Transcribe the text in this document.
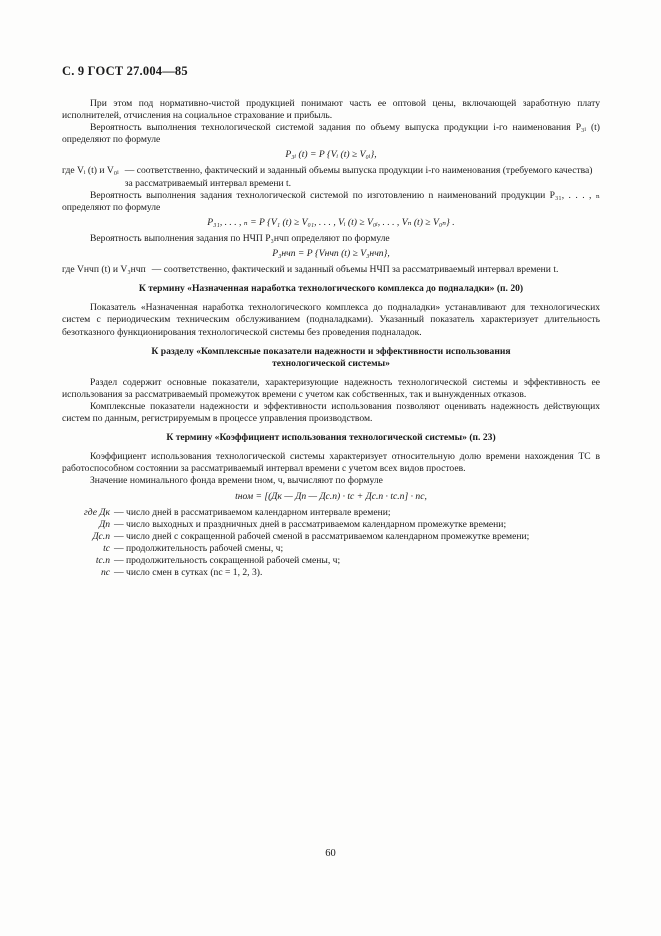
С. 9 ГОСТ 27.004—85

При этом под нормативно-чистой продукцией понимают часть ее оптовой цены, включающей заработную плату исполнителей, отчисления на социальное страхование и прибыль.

Вероятность выполнения технологической системой задания по объему выпуска продукции i-го наименования P₃ᵢ (t) определяют по формуле

P₃ᵢ (t) = P {Vᵢ (t) ≥ V₀ᵢ},
где Vᵢ (t) и V₀ᵢ — соответственно, фактический и заданный объемы выпуска продукции i-го наименования (требуемого качества) за рассматриваемый интервал времени t.

Вероятность выполнения задания технологической системой по изготовлению n наименований продукции P₃₁, . . . , ₙ определяют по формуле

P₃₁, . . . , ₙ = P {V₁ (t) ≥ V₀₁, . . . , Vᵢ (t) ≥ V₀ᵢ, . . . , Vₙ (t) ≥ V₀ₙ} .

Вероятность выполнения задания по НЧП P₃нчп определяют по формуле

P₃нчп = P {Vнчп (t) ≥ V₃нчп},
где Vнчп (t) и V₃нчп — соответственно, фактический и заданный объемы НЧП за рассматриваемый интервал времени t.
К термину «Назначенная наработка технологического комплекса до подналадки» (п. 20)

Показатель «Назначенная наработка технологического комплекса до подналадки» устанавливают для технологических систем с периодическим техническим обслуживанием (подналадками). Указанный показатель характеризует длительность безотказного функционирования технологической системы без проведения подналадок.

К разделу «Комплексные показатели надежности и эффективности использования
технологической системы»

Раздел содержит основные показатели, характеризующие надежность технологической системы и эффективность ее использования за рассматриваемый промежуток времени с учетом как собственных, так и вынужденных отказов.

Комплексные показатели надежности и эффективности использования позволяют оценивать надежность действующих систем по данным, регистрируемым в процессе управления производством.

К термину «Коэффициент использования технологической системы» (п. 23)

Коэффициент использования технологической системы характеризует относительную долю времени нахождения ТС в работоспособном состоянии за рассматриваемый интервал времени с учетом всех видов простоев.

Значение номинального фонда времени tном, ч, вычисляют по формуле

tном = [(Дк — Дп — Дс.п) · tс + Дс.п · tс.п] · nс,
где Дк — число дней в рассматриваемом календарном интервале времени;
Дп — число выходных и праздничных дней в рассматриваемом календарном промежутке времени;
Дс.п — число дней с сокращенной рабочей сменой в рассматриваемом календарном промежутке времени;
tс — продолжительность рабочей смены, ч;
tс.п — продолжительность сокращенной рабочей смены, ч;
nс — число смен в сутках (nс = 1, 2, 3).
60
